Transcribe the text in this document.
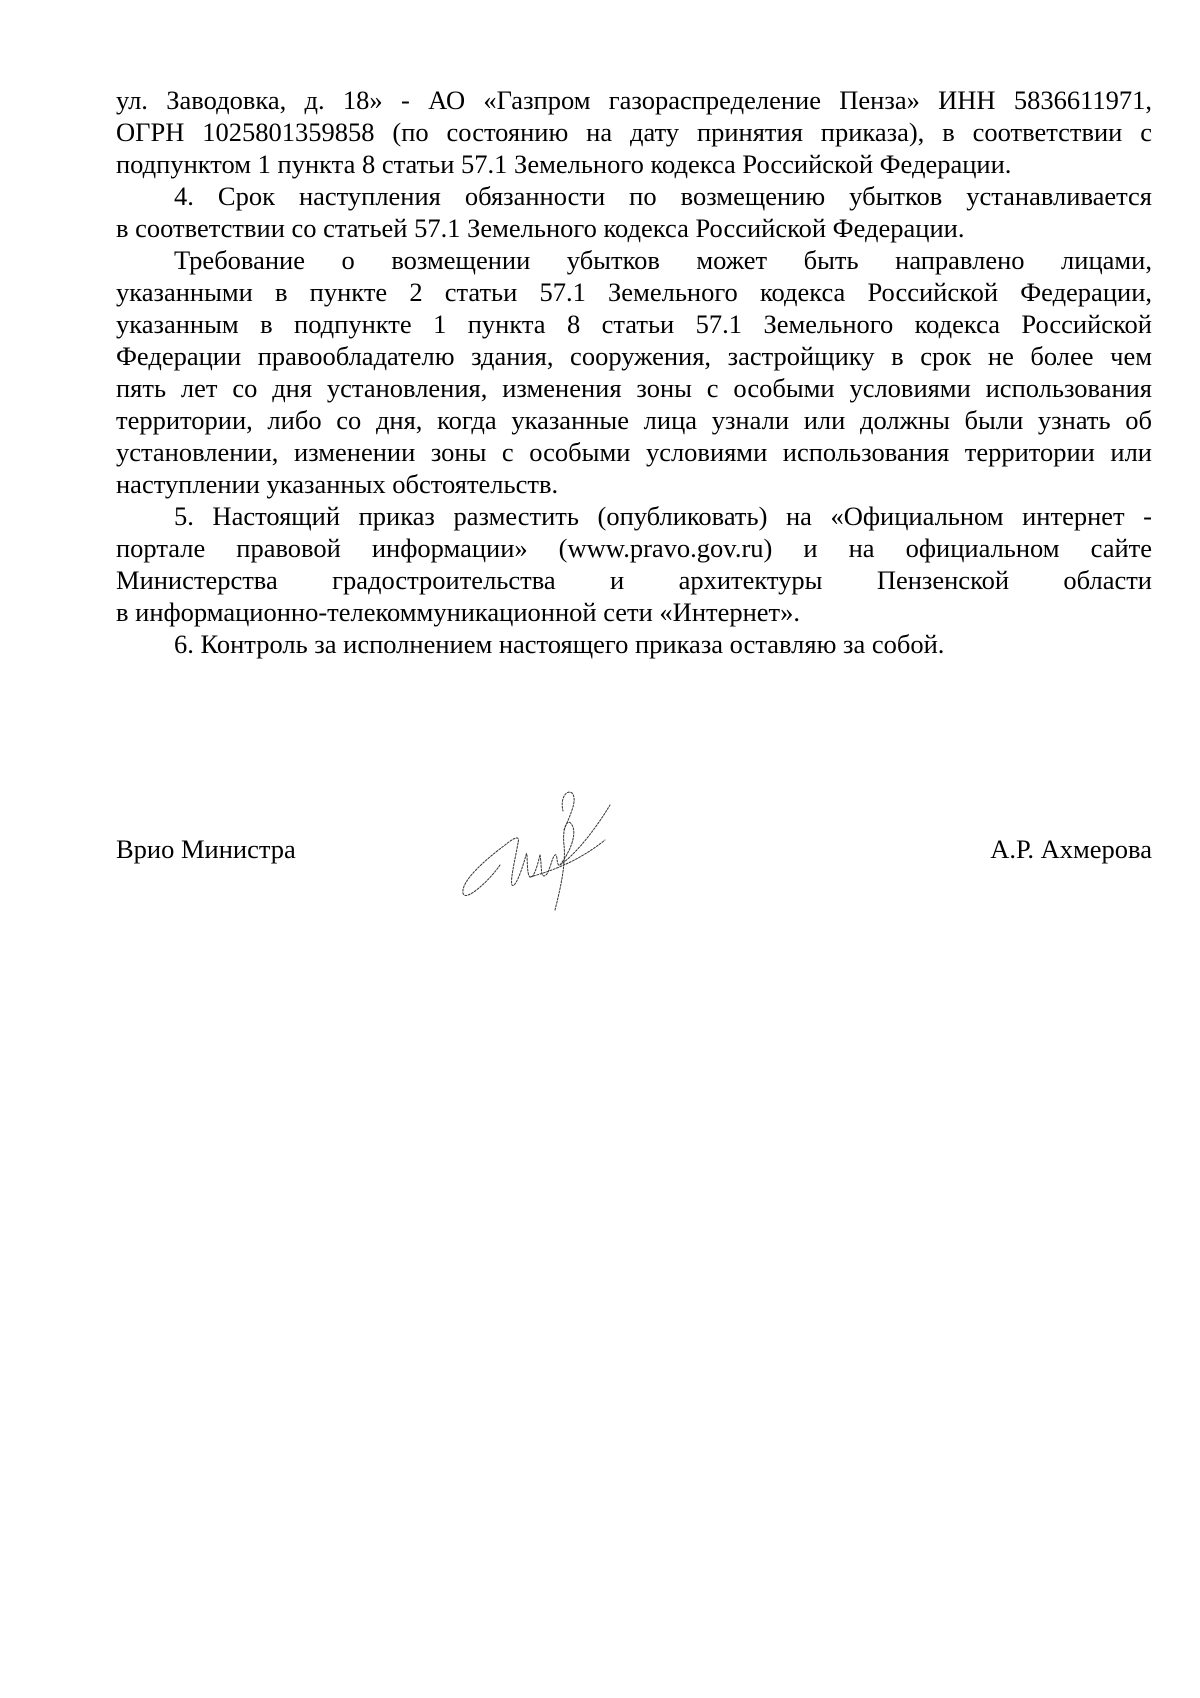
ул. Заводовка, д. 18» - АО «Газпром газораспределение Пенза» ИНН 5836611971,
ОГРН 1025801359858 (по состоянию на дату принятия приказа), в соответствии с
подпунктом 1 пункта 8 статьи 57.1 Земельного кодекса Российской Федерации.

4. Срок наступления обязанности по возмещению убытков устанавливается
в соответствии со статьей 57.1 Земельного кодекса Российской Федерации.

Требование о возмещении убытков может быть направлено лицами,
указанными в пункте 2 статьи 57.1 Земельного кодекса Российской Федерации,
указанным в подпункте 1 пункта 8 статьи 57.1 Земельного кодекса Российской
Федерации правообладателю здания, сооружения, застройщику в срок не более чем
пять лет со дня установления, изменения зоны с особыми условиями использования
территории, либо со дня, когда указанные лица узнали или должны были узнать об
установлении, изменении зоны с особыми условиями использования территории или
наступлении указанных обстоятельств.

5. Настоящий приказ разместить (опубликовать) на «Официальном интернет -
портале правовой информации» (www.pravo.gov.ru) и на официальном сайте
Министерства градостроительства и архитектуры Пензенской области
в информационно-телекоммуникационной сети «Интернет».

6. Контроль за исполнением настоящего приказа оставляю за собой.

Врио Министра	А.Р. Ахмерова
